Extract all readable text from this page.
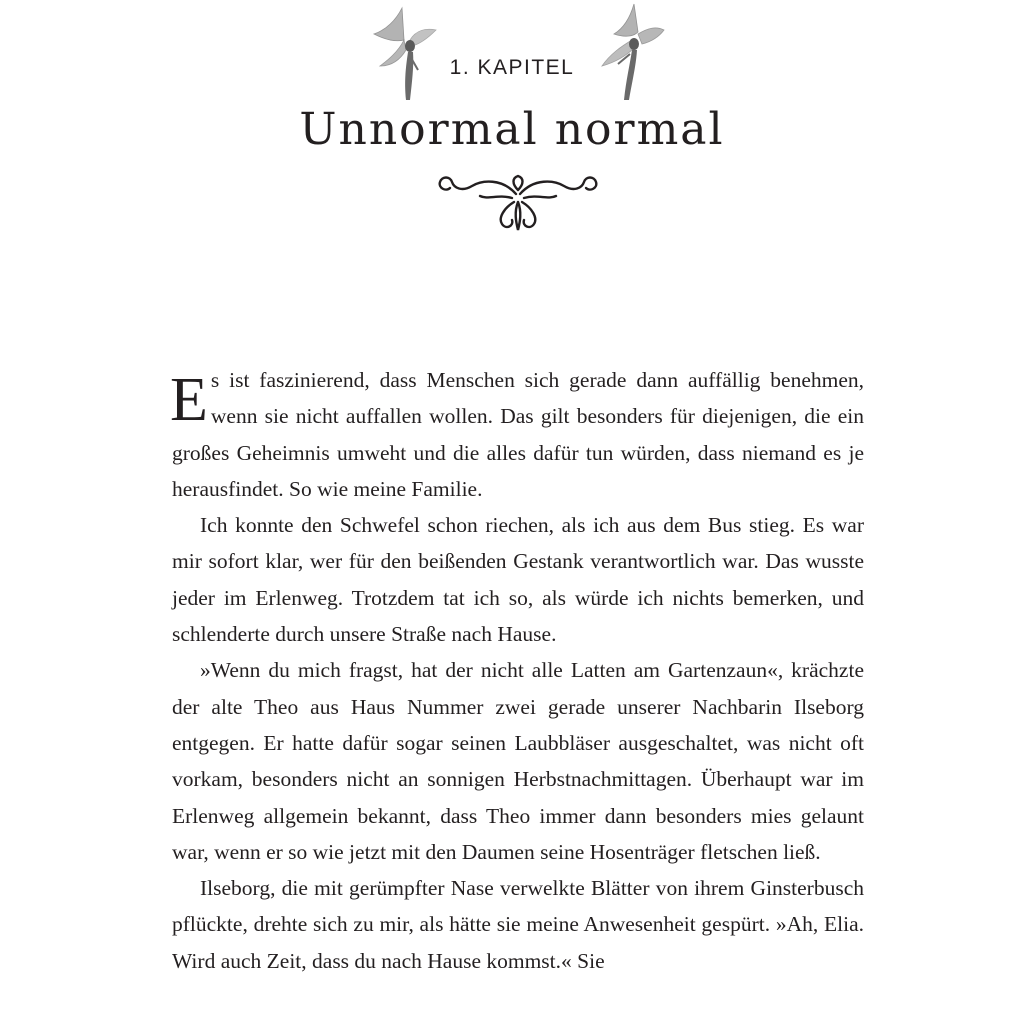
1. KAPITEL
Unnormal normal

Es ist faszinierend, dass Menschen sich gerade dann auffällig benehmen, wenn sie nicht auffallen wollen. Das gilt besonders für diejenigen, die ein großes Geheimnis umweht und die alles dafür tun würden, dass niemand es je herausfindet. So wie meine Familie.

Ich konnte den Schwefel schon riechen, als ich aus dem Bus stieg. Es war mir sofort klar, wer für den beißenden Gestank verantwortlich war. Das wusste jeder im Erlenweg. Trotzdem tat ich so, als würde ich nichts bemerken, und schlenderte durch unsere Straße nach Hause.

»Wenn du mich fragst, hat der nicht alle Latten am Gartenzaun«, krächzte der alte Theo aus Haus Nummer zwei gerade unserer Nachbarin Ilseborg entgegen. Er hatte dafür sogar seinen Laubbläser ausgeschaltet, was nicht oft vorkam, besonders nicht an sonnigen Herbstnachmittagen. Überhaupt war im Erlenweg allgemein bekannt, dass Theo immer dann besonders mies gelaunt war, wenn er so wie jetzt mit den Daumen seine Hosenträger fletschen ließ.

Ilseborg, die mit gerümpfter Nase verwelkte Blätter von ihrem Ginsterbusch pflückte, drehte sich zu mir, als hätte sie meine Anwesenheit gespürt. »Ah, Elia. Wird auch Zeit, dass du nach Hause kommst.« Sie
